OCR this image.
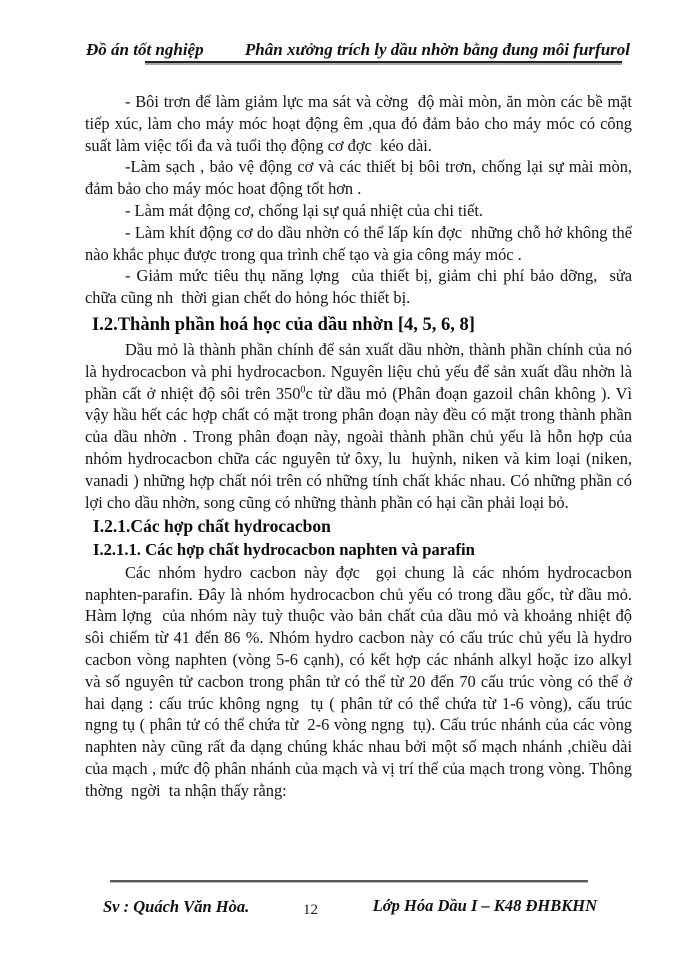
Đồ án tốt nghiệp Phân xưởng trích ly dầu nhờn bằng đung môi furfurol

- Bôi trơn để làm giảm lực ma sát và cờng  độ mài mòn, ăn mòn các bề mặt tiếp xúc, làm cho máy móc hoạt động êm ,qua đó đảm bảo cho máy móc có công suất làm việc tối đa và tuổi thọ động cơ đợc  kéo dài.

-Làm sạch , bảo vệ động cơ và các thiết bị bôi trơn, chống lại sự mài mòn, đảm bảo cho máy móc hoat động tốt hơn .

- Làm mát động cơ, chống lại sự quá nhiệt của chi tiết.

- Làm khít động cơ do dầu nhờn có thể lấp kín đợc  những chỗ hở không thể nào khắc phục được trong qua trình chế tạo và gia công máy móc .

- Giảm mức tiêu thụ năng lợng  của thiết bị, giảm chi phí bảo dỡng,  sửa chữa cũng nh  thời gian chết do hỏng hóc thiết bị.

I.2.Thành phần hoá học của dầu nhờn [4, 5, 6, 8]

Dầu mỏ là thành phần chính để sản xuất dầu nhờn, thành phần chính của nó là hydrocacbon và phi hydrocacbon. Nguyên liệu chủ yếu để sản xuất dầu nhờn là phần cất ở nhiệt độ sôi trên $350^0c$ từ dầu mỏ (Phân đoạn gazoil chân không ). Vì vậy hầu hết các hợp chất có mặt trong phân đoạn này đều có mặt trong thành phần của dầu nhờn . Trong phân đoạn này, ngoài thành phần chủ yếu là hỗn hợp của nhóm hydrocacbon chữa các nguyên tử ôxy, lu  huỳnh, niken và kim loại (niken, vanadi ) những hợp chất nói trên có những tính chất khác nhau. Có những phần có lợi cho dầu nhờn, song cũng có những thành phần có hại cần phải loại bỏ.

I.2.1.Các hợp chất hydrocacbon
I.2.1.1. Các hợp chất hydrocacbon naphten và parafin

Các nhóm hydro cacbon này đợc  gọi chung là các nhóm hydrocacbon naphten-parafin. Đây là nhóm hydrocacbon chủ yếu có trong dầu gốc, từ dầu mỏ. Hàm lợng  của nhóm này tuỳ thuộc vào bản chất của dầu mỏ và khoảng nhiệt độ sôi chiếm từ 41 đến 86 %. Nhóm hydro cacbon này có cấu trúc chủ yếu là hydro cacbon vòng naphten (vòng 5-6 cạnh), có kết hợp các nhánh alkyl hoặc izo alkyl và số nguyên tử cacbon trong phân tử có thể từ 20 đến 70 cấu trúc vòng có thể ở hai dạng : cấu trúc không ngng  tụ ( phân tử có thể chứa từ 1-6 vòng), cấu trúc ngng tụ ( phân tử có thể chứa từ  2-6 vòng ngng  tụ). Cấu trúc nhánh của các vòng naphten này cũng rất đa dạng chúng khác nhau bởi một số mạch nhánh ,chiều dài của mạch , mức độ phân nhánh của mạch và vị trí thế của mạch trong vòng. Thông thờng  ngời  ta nhận thấy rằng:

Sv : Quách Văn Hòa.	12	Lớp Hóa Dầu I – K48 ĐHBKHN
